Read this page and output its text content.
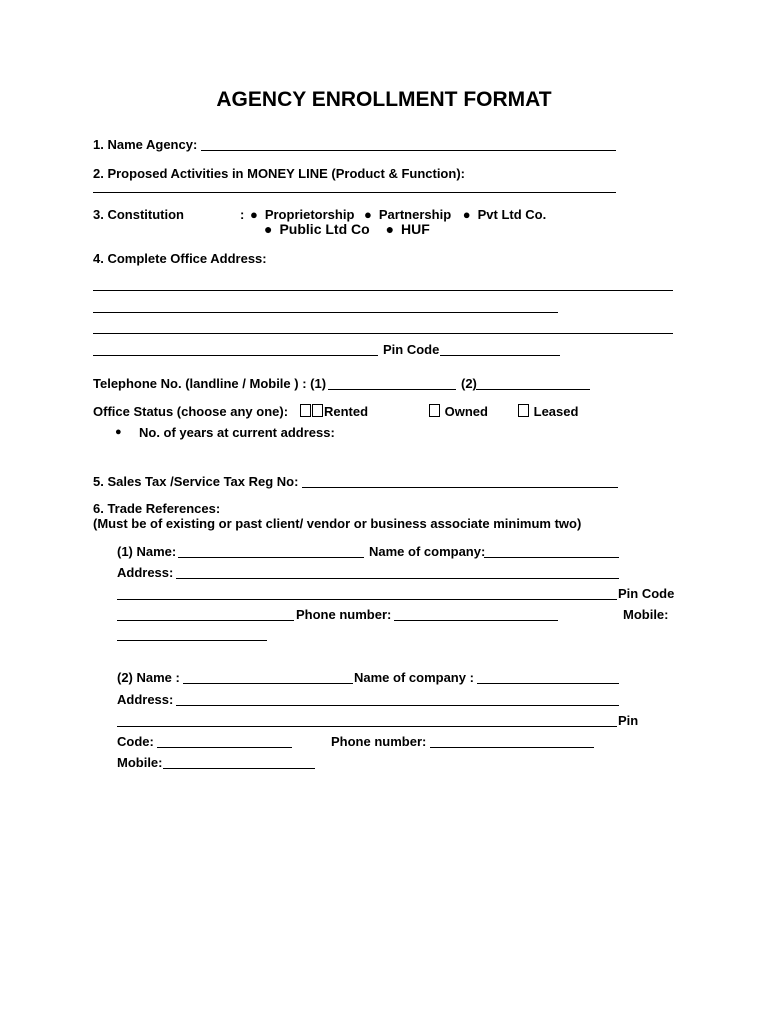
AGENCY ENROLLMENT FORMAT
1. Name Agency:
2. Proposed Activities in MONEY LINE (Product & Function):
3. Constitution	: ● Proprietorship ● Partnership ● Pvt Ltd Co.
● Public Ltd Co ● HUF
4. Complete Office Address:
Pin Code
Telephone No. (landline / Mobile ) : (1)	(2)
Office Status (choose any one):	Rented	Owned	Leased
● No. of years at current address:
5. Sales Tax /Service Tax Reg No:
6. Trade References:
(Must be of existing or past client/ vendor or business associate minimum two)
(1) Name:	Name of company:
Address:
Pin Code
Phone number:	Mobile:
(2) Name :	Name of company :
Address:
Pin
Code:	Phone number:
Mobile:
